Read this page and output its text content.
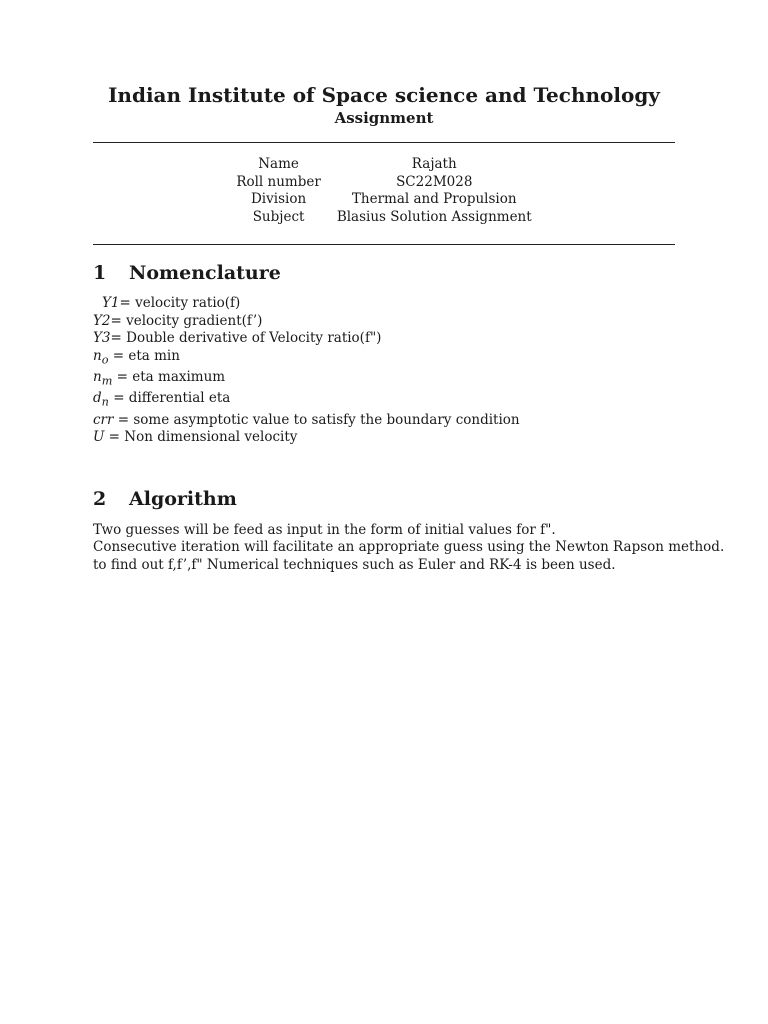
Indian Institute of Space science and Technology
Assignment
Name	Rajath
Roll number	SC22M028
Division	Thermal and Propulsion
Subject	Blasius Solution Assignment
1 Nomenclature
Y1= velocity ratio(f)
Y2= velocity gradient(f’)
Y3= Double derivative of Velocity ratio(f")
$n_o$ = eta min
$n_m$ = eta maximum
$d_n$ = differential eta
crr = some asymptotic value to satisfy the boundary condition
U = Non dimensional velocity
2 Algorithm
Two guesses will be feed as input in the form of initial values for f".
Consecutive iteration will facilitate an appropriate guess using the Newton Rapson method.
to find out f,f’,f" Numerical techniques such as Euler and RK-4 is been used.
